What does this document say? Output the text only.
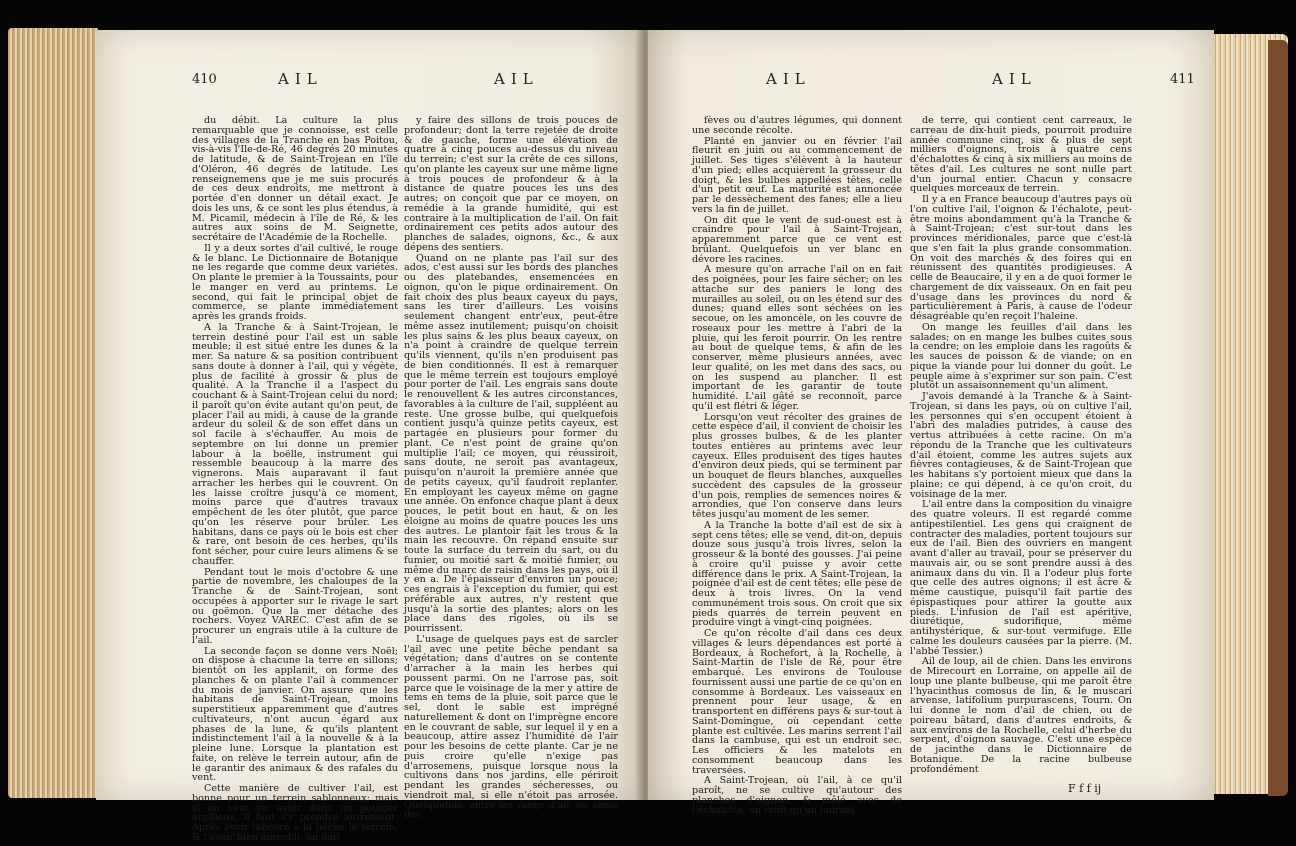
410	AIL	AIL

du débit. La culture la plus remarquable que je connoisse, est celle des villages de la Tranche en bas Poitou, vis-à-vis l'Ile-de-Ré, 46 degrés 20 minutes de latitude, & de Saint-Trojean en l'île d'Oléron, 46 degrés de latitude. Les renseignemens que je me suis procurés de ces deux endroits, me mettront à portée d'en donner un détail exact. Je dois les uns, & ce sont les plus étendus, à M. Picamil, médecin à l'île de Ré, & les autres aux soins de M. Seignette, secrétaire de l'Académie de la Rochelle.

Il y a deux sortes d'ail cultivé, le rouge & le blanc. Le Dictionnaire de Botanique ne les regarde que comme deux variétés. On plante le premier à la Toussaints, pour le manger en verd au printems. Le second, qui fait le principal objet de commerce, se plante immédiatement après les grands froids.

A la Tranche & à Saint-Trojean, le terrein destiné pour l'ail est un sable meuble; il est situé entre les dunes & la mer. Sa nature & sa position contribuent sans doute à donner à l'ail, qui y végète, plus de facilité à grossir & plus de qualité. A la Tranche il a l'aspect du couchant & à Saint-Trojean celui du nord; il paroît qu'on évite autant qu'on peut, de placer l'ail au midi, à cause de la grande ardeur du soleil & de son effet dans un sol facile à s'échauffer. Au mois de septembre on lui donne un premier labour à la boëlle, instrument qui ressemble beaucoup à la marre des vignerons. Mais auparavant il faut arracher les herbes qui le couvrent. On les laisse croître jusqu'à ce moment, moins parce que d'autres travaux empêchent de les ôter plutôt, que parce qu'on les réserve pour brûler. Les habitans, dans ce pays où le bois est cher & rare, ont besoin de ces herbes, qu'ils font sécher, pour cuire leurs alimens & se chauffer.

Pendant tout le mois d'octobre & une partie de novembre, les chaloupes de la Tranche & de Saint-Trojean, sont occupées à apporter sur le rivage le sart ou goëmon. Que la mer détache des rochers. Voyez VAREC. C'est afin de se procurer un engrais utile à la culture de l'ail.

La seconde façon se donne vers Noël; on dispose à chacune la terre en sillons; bientôt on les applanit, on forme des planches & on plante l'ail à commencer du mois de janvier. On assure que les habitans de Saint-Trojean, moins superstitieux apparemment que d'autres cultivateurs, n'ont aucun égard aux phases de la lune, & qu'ils plantent indistinctement l'ail à la nouvelle & à la pleine lune. Lorsque la plantation est faite, on relève le terrein autour, afin de le garantir des animaux & des rafales du vent.

Cette manière de cultiver l'ail, est bonne pour un terrein sablonneux; mais si on veut en avoir dans un potager argilleux, il faut s'y prendre autrement. Après avoir labouré à la bêche le terrein, & l'avoir bien ameubli, on doit

y faire des sillons de trois pouces de profondeur; dont la terre rejetée de droite & de gauche, forme une élévation de quatre à cinq pouces au-dessus du niveau du terrein; c'est sur la crête de ces sillons, qu'on plante les cayeux sur une même ligne à trois pouces de profondeur & à la distance de quatre pouces les uns des autres; on conçoit que par ce moyen, on remédie à la grande humidité, qui est contraire à la multiplication de l'ail. On fait ordinairement ces petits ados autour des planches de salades, oignons, &c., & aux dépens des sentiers.

Quand on ne plante pas l'ail sur des ados, c'est aussi sur les bords des planches ou des platebandes, ensemencées en oignon, qu'on le pique ordinairement. On fait choix des plus beaux cayeux du pays, sans les tirer d'ailleurs. Les voisins seulement changent entr'eux, peut-être même assez inutilement; puisqu'on choisit les plus sains & les plus beaux cayeux, on n'a point à craindre de quelque terrein qu'ils viennent, qu'ils n'en produisent pas de bien conditionnés. Il est à remarquer que le même terrein est toujours employé pour porter de l'ail. Les engrais sans doute le renouvellent & les autres circonstances, favorables à la culture de l'ail, suppléent au reste. Une grosse bulbe, qui quelquefois contient jusqu'à quinze petits cayeux, est partagée en plusieurs pour former du plant. Ce n'est point de graine qu'on multiplie l'ail; ce moyen, qui réussiroit, sans doute, ne seroit pas avantageux, puisqu'on n'auroit la première année que de petits cayeux, qu'il faudroit replanter. En employant les cayeux même on gagne une année. On enfonce chaque plant à deux pouces, le petit bout en haut, & on les éloigne au moins de quatre pouces les uns des autres. Le plantoir fait les trous & la main les recouvre. On répand ensuite sur toute la surface du terrein du sart, ou du fumier, ou moitié sart & moitié fumier, ou même du marc de raisin dans les pays, où il y en a. De l'épaisseur d'environ un pouce; ces engrais à l'exception du fumier, qui est préférable aux autres, n'y restent que jusqu'à la sortie des plantes; alors on les place dans des rigoles, où ils se pourrissent.

L'usage de quelques pays est de sarcler l'ail avec une petite bêche pendant sa végétation; dans d'autres on se contente d'arracher à la main les herbes qui poussent parmi. On ne l'arrose pas, soit parce que le voisinage de la mer y attire de tems en tems de la pluie, soit parce que le sel, dont le sable est imprégné naturellement & dont on l'imprègne encore en le couvrant de sable, sur lequel il y en a beaucoup, attire assez l'humidité de l'air pour les besoins de cette plante. Car je ne puis croire qu'elle n'exige pas d'arrosemens, puisque lorsque nous la cultivons dans nos jardins, elle périroit pendant les grandes sécheresses, ou viendroit mal, si elle n'étoit pas arrosée. Quelquefois, entre les rangs d'ail, on sème des

AIL	AIL	411

fèves ou d'autres légumes, qui donnent une seconde récolte.

Planté en janvier ou en février l'ail fleurit en juin ou au commencement de juillet. Ses tiges s'élèvent à la hauteur d'un pied; elles acquièrent la grosseur du doigt, & les bulbes appellées têtes, celle d'un petit œuf. La maturité est annoncée par le dessèchement des fanes; elle a lieu vers la fin de juillet.

On dit que le vent de sud-ouest est à craindre pour l'ail à Saint-Trojean, apparemment parce que ce vent est brûlant. Quelquefois un ver blanc en dévore les racines.

A mesure qu'on arrache l'ail on en fait des poignées, pour les faire sécher; on les attache sur des paniers le long des murailles au soleil, ou on les étend sur des dunes; quand elles sont séchées on les secoue, on les amoncèle, on les couvre de roseaux pour les mettre à l'abri de la pluie, qui les feroit pourrir. On les rentre au bout de quelque tems, & afin de les conserver, même plusieurs années, avec leur qualité, on les met dans des sacs, ou on les suspend au plancher. Il est important de les garantir de toute humidité. L'ail gâté se reconnoît, parce qu'il est flétri & léger.

Lorsqu'on veut récolter des graines de cette espèce d'ail, il convient de choisir les plus grosses bulbes, & de les planter toutes entières au printems avec leur cayeux. Elles produisent des tiges hautes d'environ deux pieds, qui se terminent par un bouquet de fleurs blanches, auxquelles succèdent des capsules de la grosseur d'un pois, remplies de semences noires & arrondies, que l'on conserve dans leurs têtes jusqu'au moment de les semer.

A la Tranche la botte d'ail est de six à sept cens têtes; elle se vend, dit-on, depuis douze sous jusqu'à trois livres, selon la grosseur & la bonté des gousses. J'ai peine à croire qu'il puisse y avoir cette différence dans le prix. A Saint-Trojean, la poignée d'ail est de cent têtes; elle pèse de deux à trois livres. On la vend communément trois sous. On croit que six pieds quarrés de terrein peuvent en produire vingt à vingt-cinq poignées.

Ce qu'on récolte d'ail dans ces deux villages & leurs dépendances est porté à Bordeaux, à Rochefort, à la Rochelle, à Saint-Martin de l'isle de Ré, pour être embarqué. Les environs de Toulouse fournissent aussi une partie de ce qu'on en consomme à Bordeaux. Les vaisseaux en prennent pour leur usage, & en transportent en différens pays & sur-tout à Saint-Domingue, où cependant cette plante est cultivée. Les marins serrent l'ail dans la cambuse, qui est un endroit sec. Les officiers & les matelots en consomment beaucoup dans les traversées.

A Saint-Trojean, où l'ail, à ce qu'il paroît, ne se cultive qu'autour des planches d'oignon, & mêlé avec de l'échalotte, on croit qu'un journal

de terre, qui contient cent carreaux, le carreau de dix-huit pieds, pourroit produire année commune cinq, six & plus de sept milliers d'oignons, trois à quatre cens d'échalottes & cinq à six milliers au moins de têtes d'ail. Les cultures ne sont nulle part d'un journal entier. Chacun y consacre quelques morceaux de terrein.

Il y a en France beaucoup d'autres pays où l'on cultive l'ail, l'oignon & l'échalote, peut-être moins abondamment qu'à la Tranche & à Saint-Trojean; c'est sur-tout dans les provinces méridionales, parce que c'est-là que s'en fait la plus grande consommation. On voit des marchés & des foires qui en réunissent des quantités prodigieuses. A celle de Beaucaire, il y en a de quoi former le chargement de dix vaisseaux. On en fait peu d'usage dans les provinces du nord & particulièrement à Paris, à cause de l'odeur désagréable qu'en reçoit l'haleine.

On mange les feuilles d'ail dans les salades; on en mange les bulbes cuites sous la cendre; on les emploie dans les ragoûts & les sauces de poisson & de viande; on en pique la viande pour lui donner du goût. Le peuple aime à s'exprimer sur son pain. C'est plutôt un assaisonnement qu'un aliment.

J'avois demandé à la Tranche & à Saint-Trojean, si dans les pays, où on cultive l'ail, les personnes qui s'en occupent étoient à l'abri des maladies putrides, à cause des vertus attribuées à cette racine. On m'a répondu de la Tranche que les cultivateurs d'ail étoient, comme les autres sujets aux fièvres contagieuses, & de Saint-Trojean que les habitans s'y portoient mieux que dans la plaine; ce qui dépend, à ce qu'on croit, du voisinage de la mer.

L'ail entre dans la composition du vinaigre des quatre voleurs. Il est regardé comme antipestilentiel. Les gens qui craignent de contracter des maladies, portent toujours sur eux de l'ail. Bien des ouvriers en mangent avant d'aller au travail, pour se préserver du mauvais air, ou se sont prendre aussi à des animaux dans du vin. Il a l'odeur plus forte que celle des autres oignons; il est âcre & même caustique, puisqu'il fait partie des épispastiques pour attirer la goutte aux pieds. L'infusion de l'ail est apéritive, diurétique, sudorifique, même antihystérique, & sur-tout vermifuge. Elle calme les douleurs causées par la pierre. (M. l'abbé Tessier.)

Ail de loup, ail de chien. Dans les environs de Mirecourt en Lorraine, on appelle ail de loup une plante bulbeuse, qui me paroît être l'hyacinthus comosus de lin, & le muscari arvense, latifolium purpurascens, Tourn. On lui donne le nom d'ail de chien, ou de poireau bâtard, dans d'autres endroits, & aux environs de la Rochelle, celui d'herbe du serpent, d'oignon sauvage. C'est une espèce de jacinthe dans le Dictionnaire de Botanique. De la racine bulbeuse profondément

F f f ij
